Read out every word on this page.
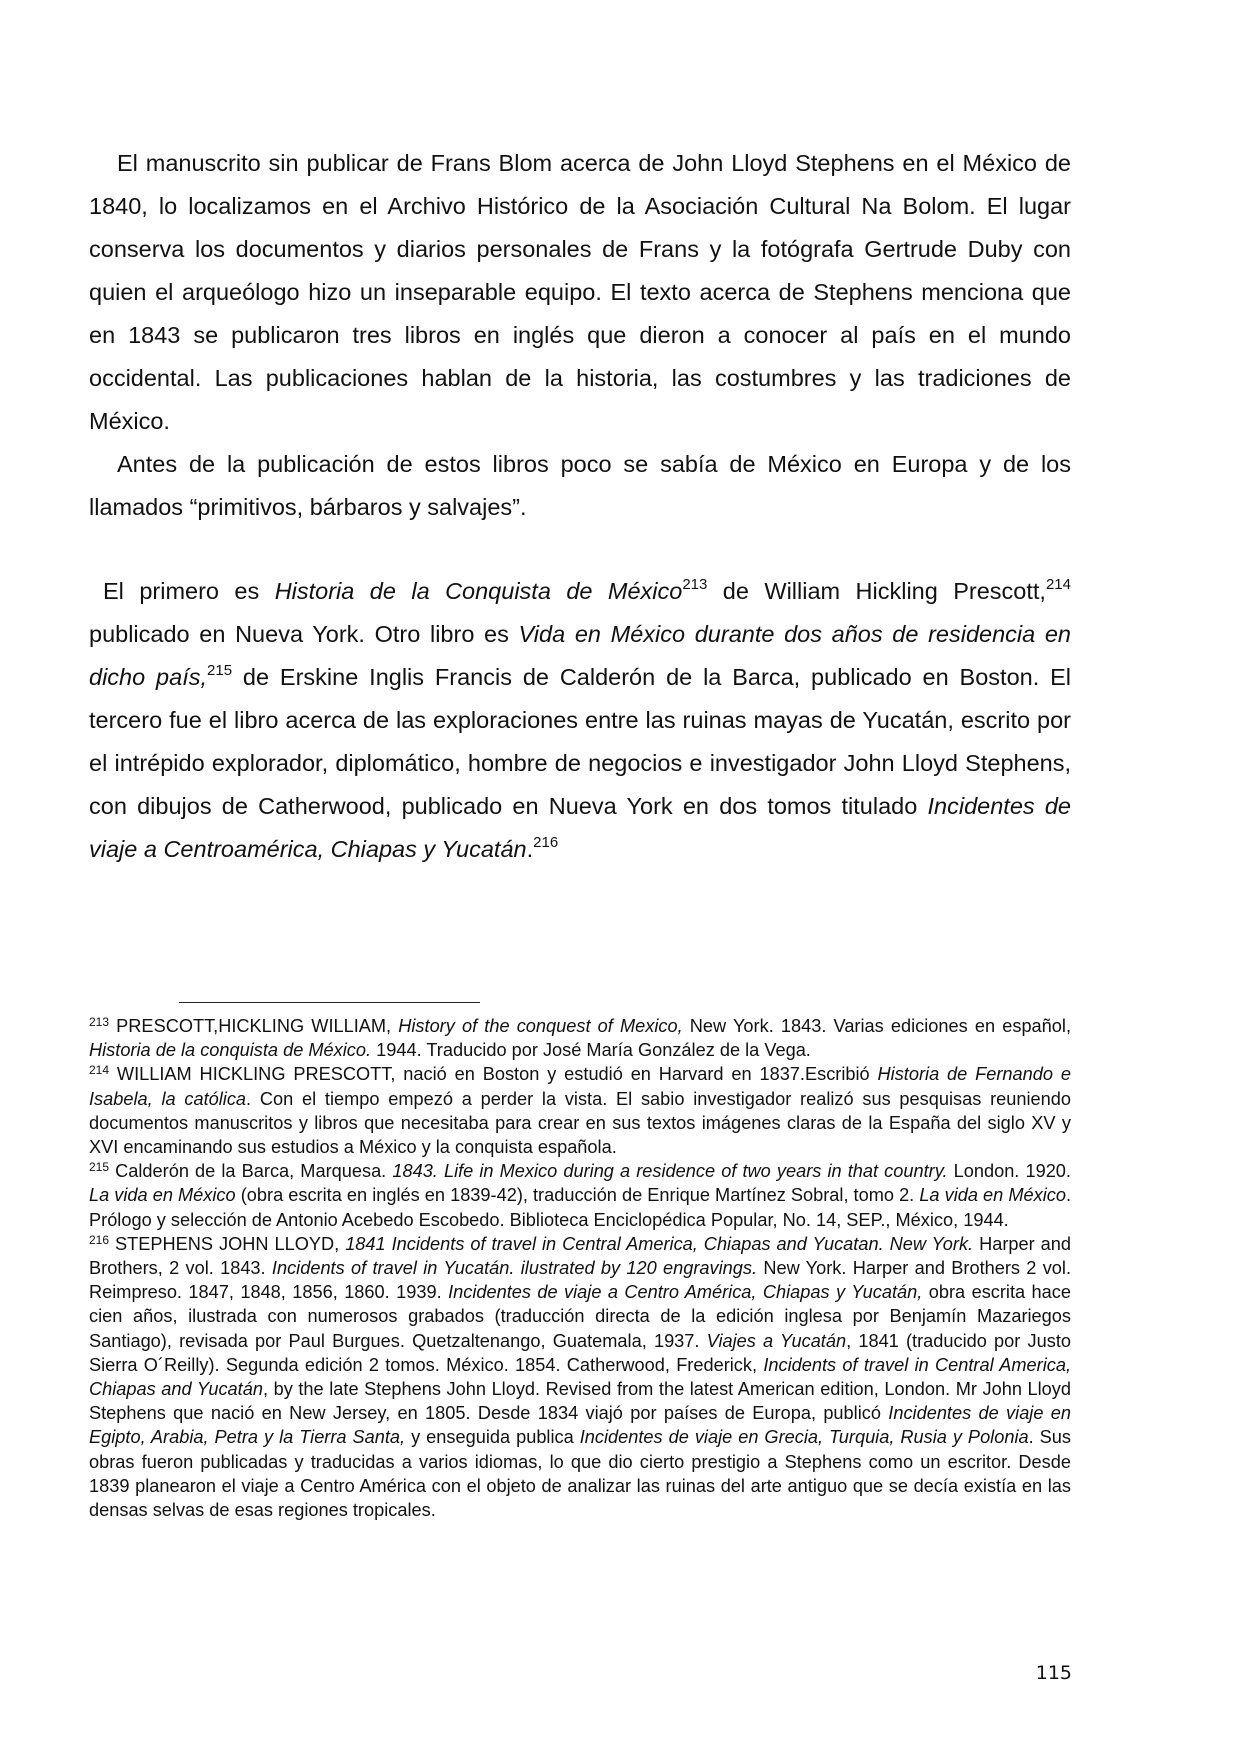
El manuscrito sin publicar de Frans Blom acerca de John Lloyd Stephens en el México de 1840, lo localizamos en el Archivo Histórico de la Asociación Cultural Na Bolom. El lugar conserva los documentos y diarios personales de Frans y la fotógrafa Gertrude Duby con quien el arqueólogo hizo un inseparable equipo. El texto acerca de Stephens menciona que en 1843 se publicaron tres libros en inglés que dieron a conocer al país en el mundo occidental. Las publicaciones hablan de la historia, las costumbres y las tradiciones de México.

Antes de la publicación de estos libros poco se sabía de México en Europa y de los llamados “primitivos, bárbaros y salvajes”.

El primero es Historia de la Conquista de México$^{213}$ de William Hickling Prescott,$^{214}$ publicado en Nueva York. Otro libro es Vida en México durante dos años de residencia en dicho país,$^{215}$ de Erskine Inglis Francis de Calderón de la Barca, publicado en Boston. El tercero fue el libro acerca de las exploraciones entre las ruinas mayas de Yucatán, escrito por el intrépido explorador, diplomático, hombre de negocios e investigador John Lloyd Stephens, con dibujos de Catherwood, publicado en Nueva York en dos tomos titulado Incidentes de viaje a Centroamérica, Chiapas y Yucatán.$^{216}$

$^{213}$ PRESCOTT,HICKLING WILLIAM, History of the conquest of Mexico, New York. 1843. Varias ediciones en español, Historia de la conquista de México. 1944. Traducido por José María González de la Vega.

$^{214}$ WILLIAM HICKLING PRESCOTT, nació en Boston y estudió en Harvard en 1837.Escribió Historia de Fernando e Isabela, la católica. Con el tiempo empezó a perder la vista. El sabio investigador realizó sus pesquisas reuniendo documentos manuscritos y libros que necesitaba para crear en sus textos imágenes claras de la España del siglo XV y XVI encaminando sus estudios a México y la conquista española.

$^{215}$ Calderón de la Barca, Marquesa. 1843. Life in Mexico during a residence of two years in that country. London. 1920. La vida en México (obra escrita en inglés en 1839-42), traducción de Enrique Martínez Sobral, tomo 2. La vida en México. Prólogo y selección de Antonio Acebedo Escobedo. Biblioteca Enciclopédica Popular, No. 14, SEP., México, 1944.

$^{216}$ STEPHENS JOHN LLOYD, 1841 Incidents of travel in Central America, Chiapas and Yucatan. New York. Harper and Brothers, 2 vol. 1843. Incidents of travel in Yucatán. ilustrated by 120 engravings. New York. Harper and Brothers 2 vol. Reimpreso. 1847, 1848, 1856, 1860. 1939. Incidentes de viaje a Centro América, Chiapas y Yucatán, obra escrita hace cien años, ilustrada con numerosos grabados (traducción directa de la edición inglesa por Benjamín Mazariegos Santiago), revisada por Paul Burgues. Quetzaltenango, Guatemala, 1937. Viajes a Yucatán, 1841 (traducido por Justo Sierra O´Reilly). Segunda edición 2 tomos. México. 1854. Catherwood, Frederick, Incidents of travel in Central America, Chiapas and Yucatán, by the late Stephens John Lloyd. Revised from the latest American edition, London. Mr John Lloyd Stephens que nació en New Jersey, en 1805. Desde 1834 viajó por países de Europa, publicó Incidentes de viaje en Egipto, Arabia, Petra y la Tierra Santa, y enseguida publica Incidentes de viaje en Grecia, Turquia, Rusia y Polonia. Sus obras fueron publicadas y traducidas a varios idiomas, lo que dio cierto prestigio a Stephens como un escritor. Desde 1839 planearon el viaje a Centro América con el objeto de analizar las ruinas del arte antiguo que se decía existía en las densas selvas de esas regiones tropicales.

115
